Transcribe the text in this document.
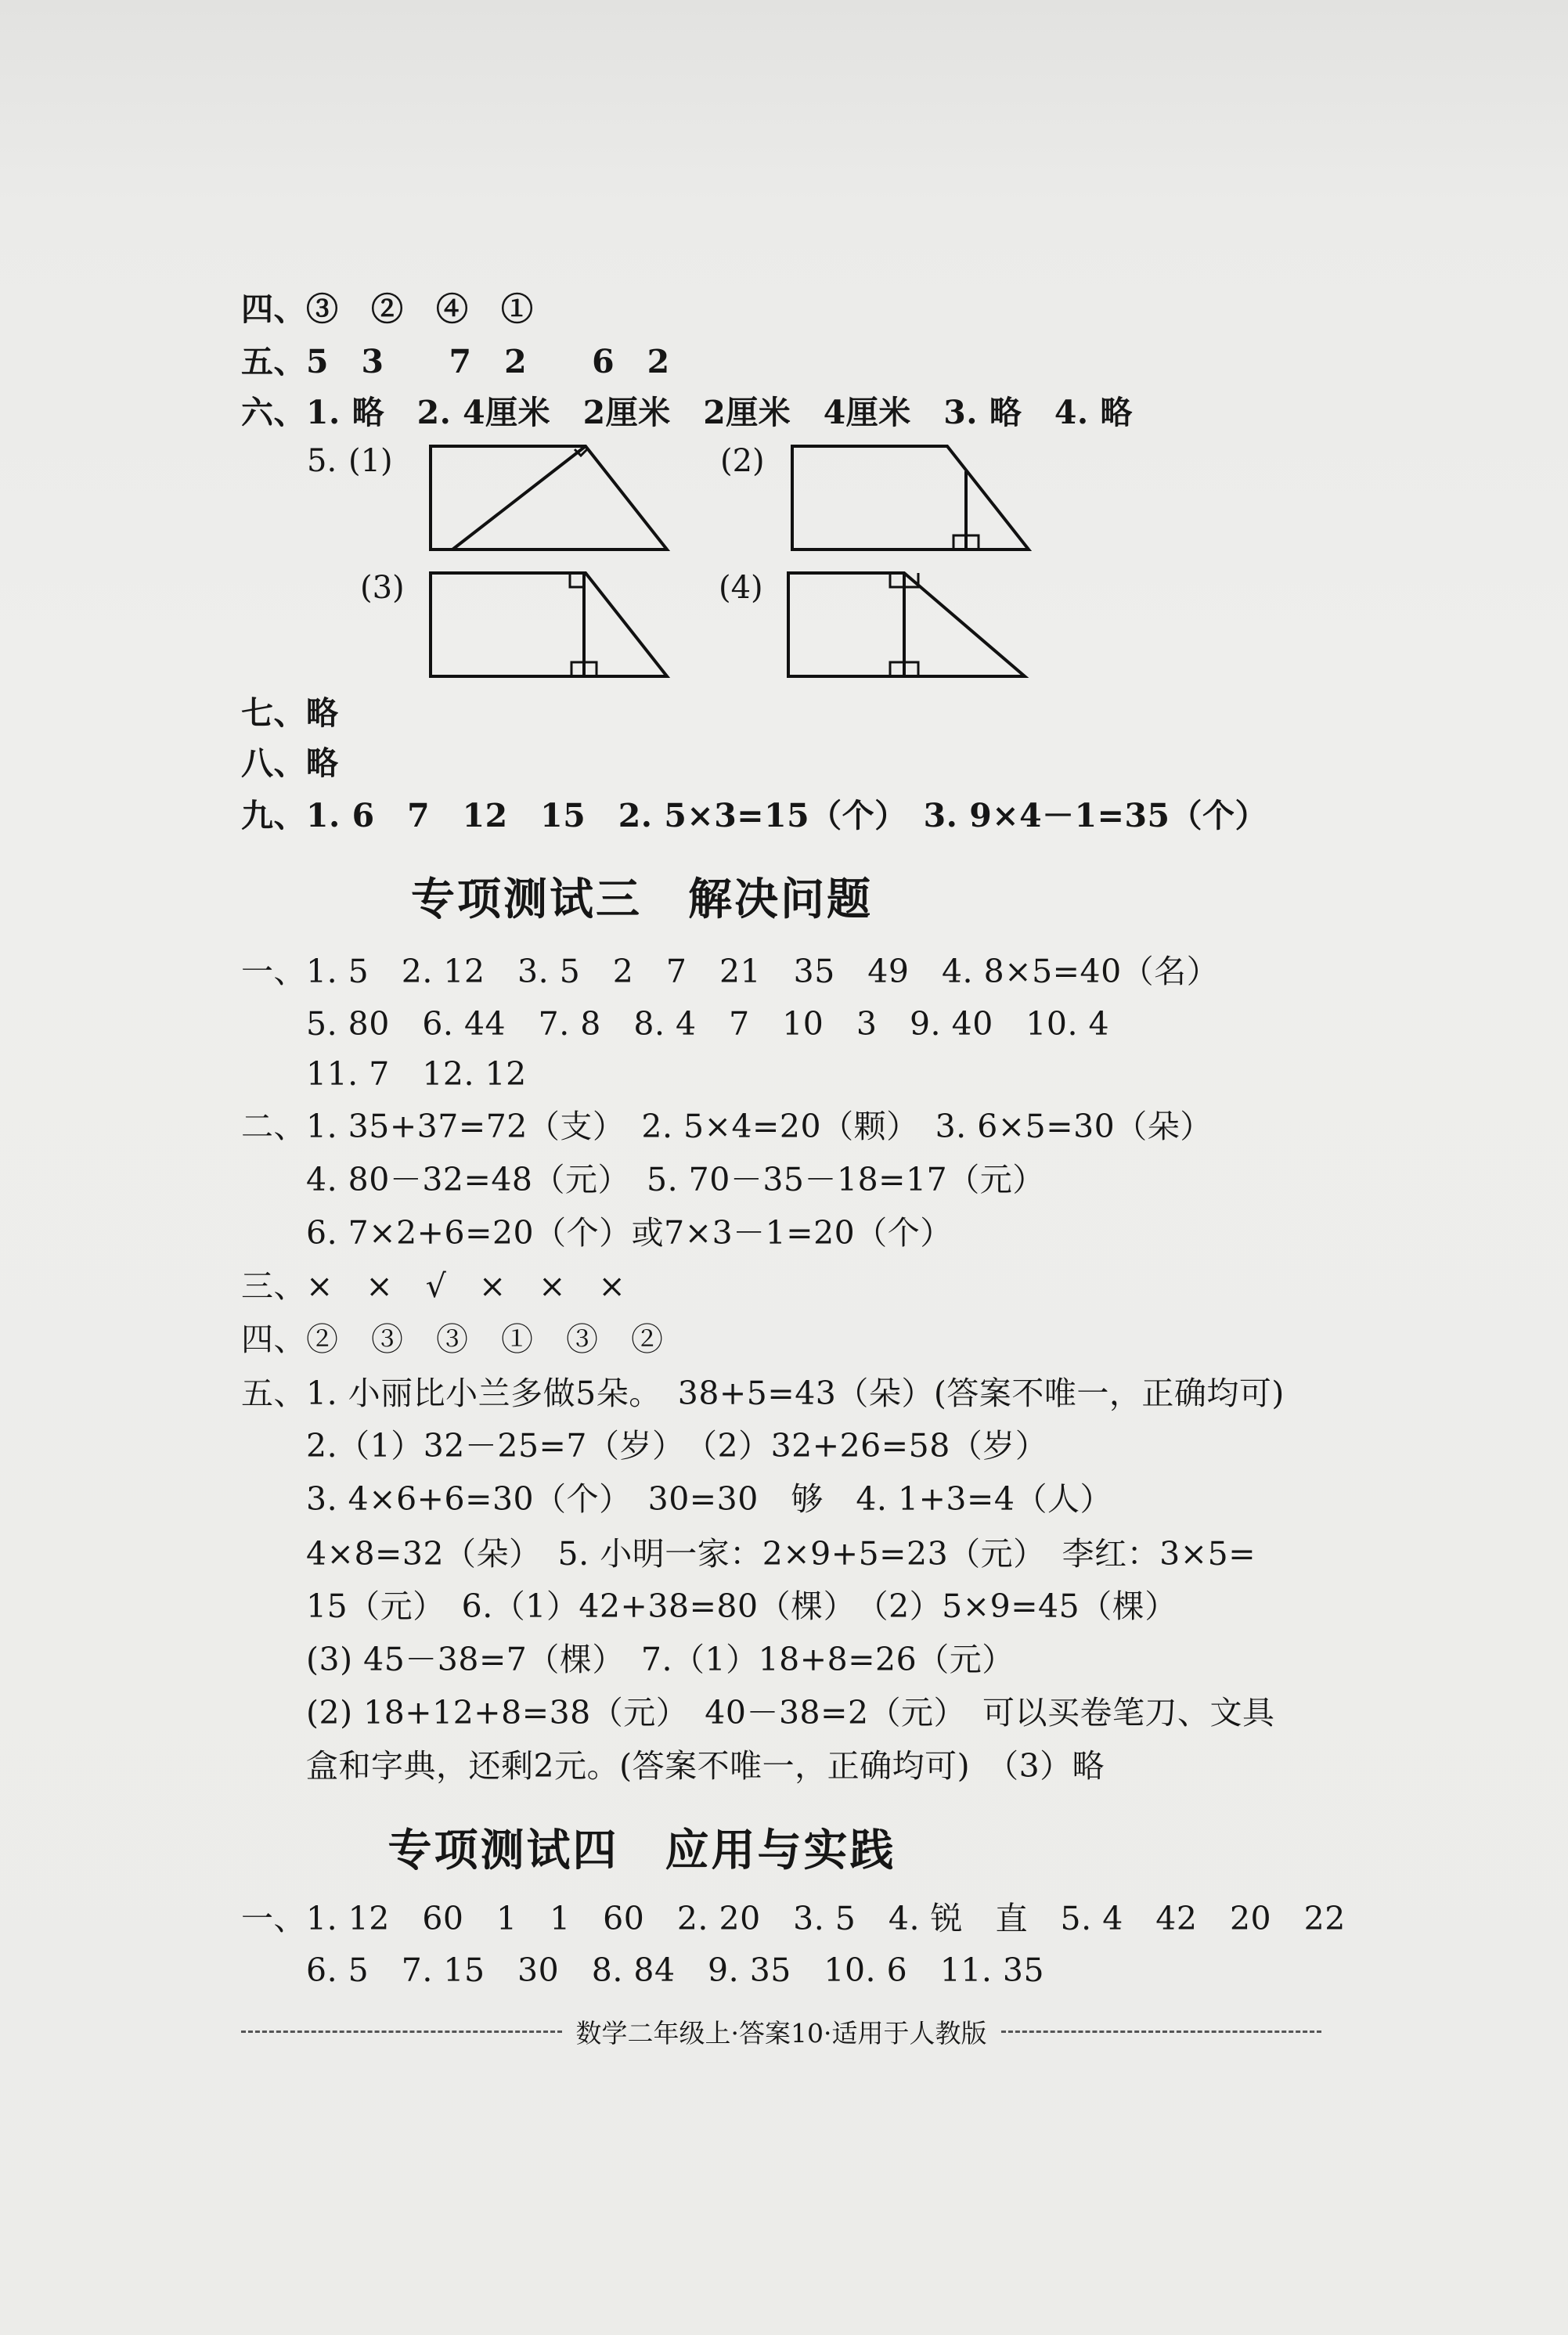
四、③　②　④　①
五、5　3　　7　2　　6　2
六、1. 略　2. 4厘米　2厘米　2厘米　4厘米　3. 略　4. 略
5. (1)	(2)
(3)	(4)
七、略
八、略
九、1. 6　7　12　15　2. 5×3=15（个）　3. 9×4－1=35（个）
专项测试三　解决问题
一、1. 5　2. 12　3. 5　2　7　21　35　49　4. 8×5=40（名）
　　5. 80　6. 44　7. 8　8. 4　7　10　3　9. 40　10. 4
　　11. 7　12. 12
二、1. 35+37=72（支）　2. 5×4=20（颗）　3. 6×5=30（朵）
　　4. 80－32=48（元）　5. 70－35－18=17（元）
　　6. 7×2+6=20（个）或7×3－1=20（个）
三、×　×　√　×　×　×
四、②　③　③　①　③　②
五、1. 小丽比小兰多做5朵。　38+5=43（朵）(答案不唯一，正确均可)
　　2.（1）32－25=7（岁）　（2）32+26=58（岁）
　　3. 4×6+6=30（个）　30=30　够　4. 1+3=4（人）
　　4×8=32（朵）　5. 小明一家：2×9+5=23（元）　李红：3×5=
　　15（元）　6.（1）42+38=80（棵）　（2）5×9=45（棵）
　　(3) 45－38=7（棵）　7.（1）18+8=26（元）
　　(2) 18+12+8=38（元）　40－38=2（元）　可以买卷笔刀、文具
　　盒和字典，还剩2元。(答案不唯一，正确均可)　（3）略
专项测试四　应用与实践
一、1. 12　60　1　1　60　2. 20　3. 5　4. 锐　直　5. 4　42　20　22
　　6. 5　7. 15　30　8. 84　9. 35　10. 6　11. 35
数学二年级上·答案10·适用于人教版
